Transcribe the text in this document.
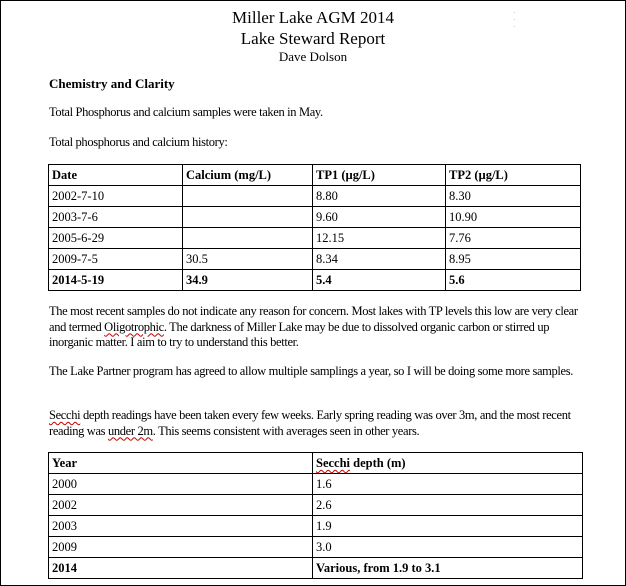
.
.
.
Miller Lake AGM 2014
Lake Steward Report
Dave Dolson
Chemistry and Clarity
Total Phosphorus and calcium samples were taken in May.
Total phosphorus and calcium history:
Date	Calcium (mg/L)	TP1 (µg/L)	TP2 (µg/L)
2002-7-10		8.80	8.30
2003-7-6		9.60	10.90
2005-6-29		12.15	7.76
2009-7-5	30.5	8.34	8.95
2014-5-19	34.9	5.4	5.6
The most recent samples do not indicate any reason for concern. Most lakes with TP levels this low are very clear and termed Oligotrophic. The darkness of Miller Lake may be due to dissolved organic carbon or stirred up inorganic matter. I aim to try to understand this better.
The Lake Partner program has agreed to allow multiple samplings a year, so I will be doing some more samples.
Secchi depth readings have been taken every few weeks. Early spring reading was over 3m, and the most recent reading was under 2m. This seems consistent with averages seen in other years.
Year	Secchi depth (m)
2000	1.6
2002	2.6
2003	1.9
2009	3.0
2014	Various, from 1.9 to 3.1
